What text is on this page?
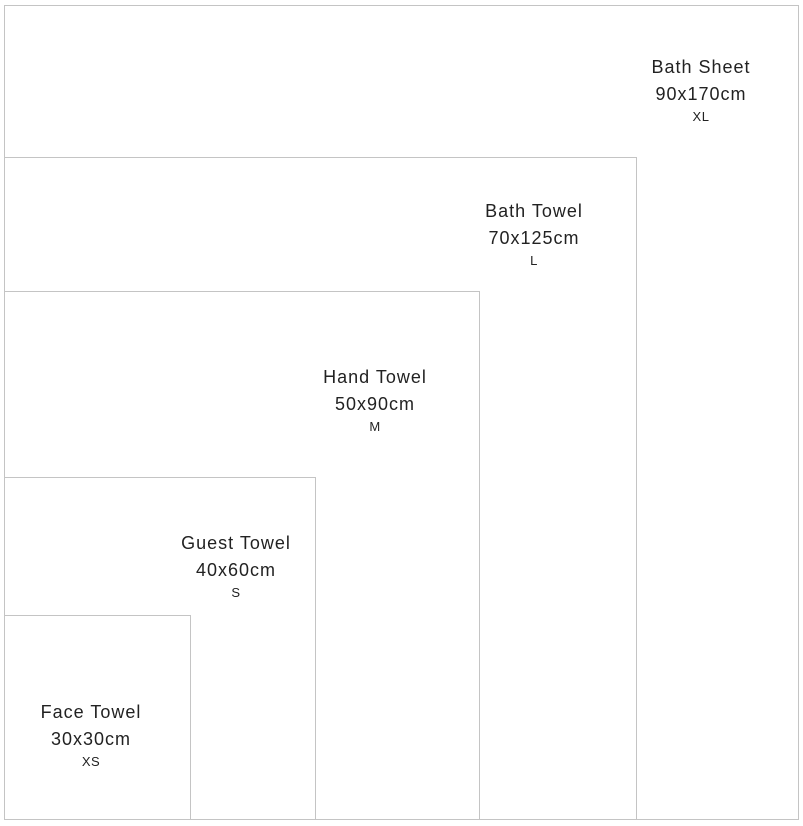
Bath Sheet
90x170cm
XL
Bath Towel
70x125cm
L
Hand Towel
50x90cm
M
Guest Towel
40x60cm
S
Face Towel
30x30cm
XS
